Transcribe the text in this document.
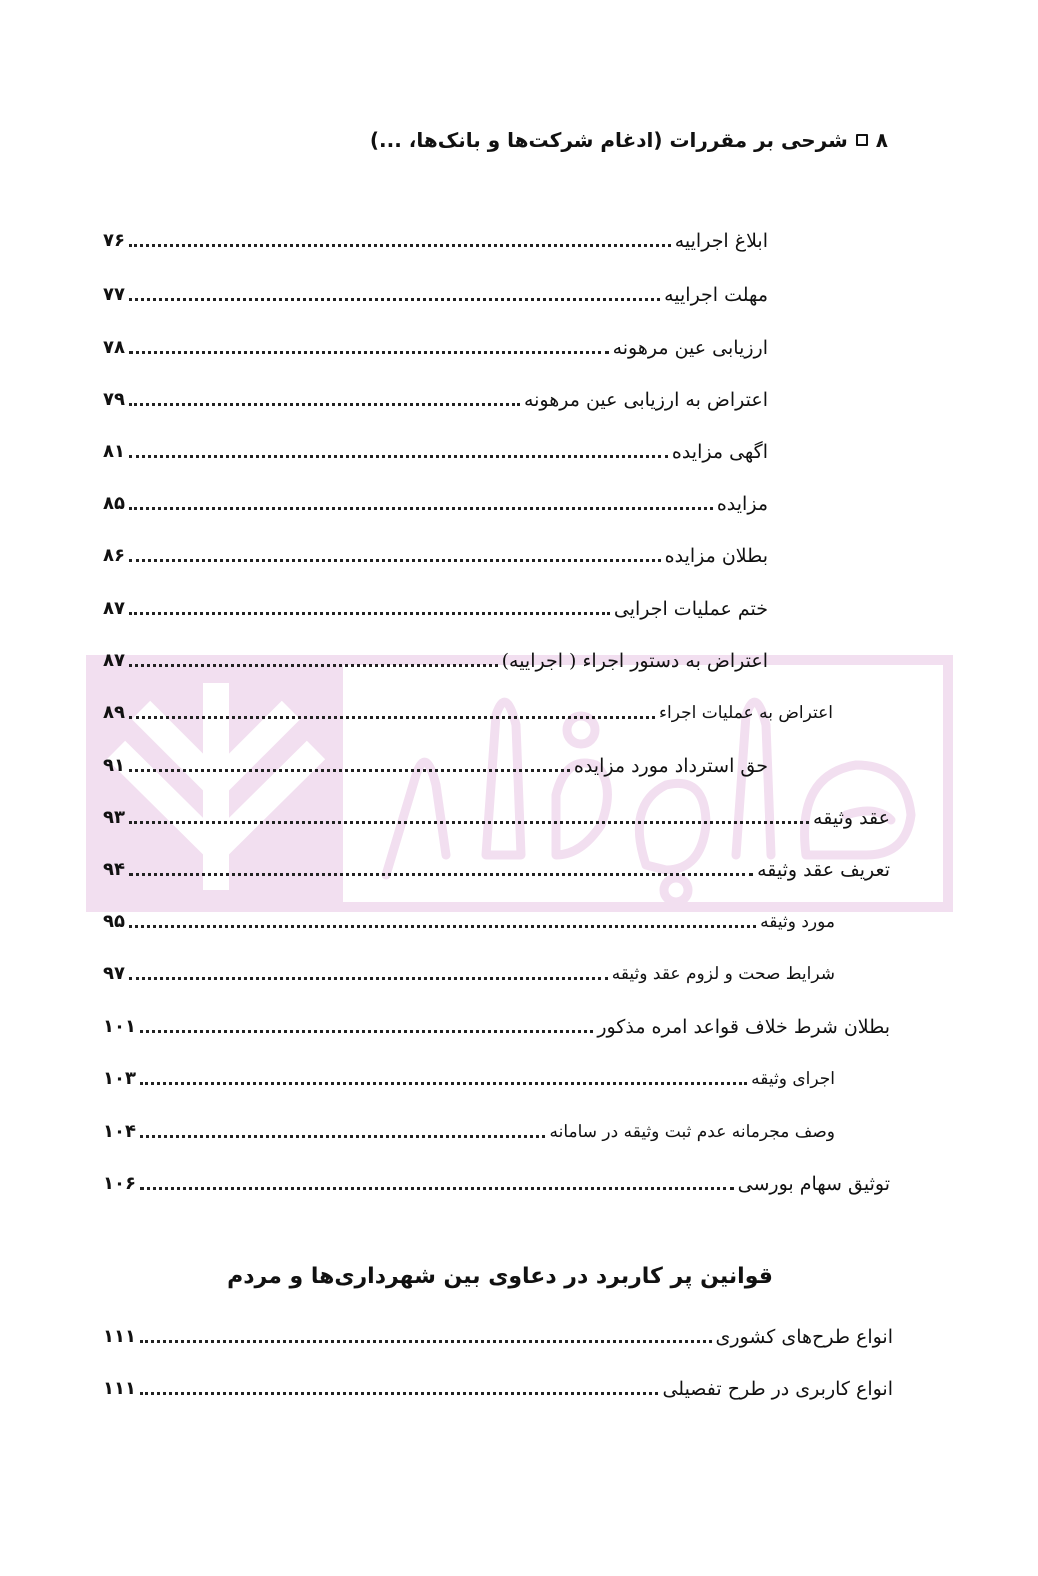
۸
شرحی بر مقررات (ادغام شرکت‌ها و بانک‌ها، ...)
ابلاغ اجراییه
۷۶
مهلت اجراییه
۷۷
ارزیابی عین مرهونه
۷۸
اعتراض به ارزیابی عین مرهونه
۷۹
اگهی مزایده
۸۱
مزایده
۸۵
بطلان مزایده
۸۶
ختم عملیات اجرایی
۸۷
اعتراض به دستور اجراء ( اجراییه)
۸۷
اعتراض به عملیات اجراء
۸۹
حق استرداد مورد مزایده
۹۱
عقد وثیقه
۹۳
تعریف عقد وثیقه
۹۴
مورد وثیقه
۹۵
شرایط صحت و لزوم عقد وثیقه
۹۷
بطلان شرط خلاف قواعد امره مذکور
۱۰۱
اجرای وثیقه
۱۰۳
وصف مجرمانه عدم ثبت وثیقه در سامانه
۱۰۴
توثیق سهام بورسی
۱۰۶
قوانین پر کاربرد در دعاوی بین شهرداری‌ها و مردم
انواع طرح‌های کشوری
۱۱۱
انواع کاربری در طرح تفصیلی
۱۱۱
